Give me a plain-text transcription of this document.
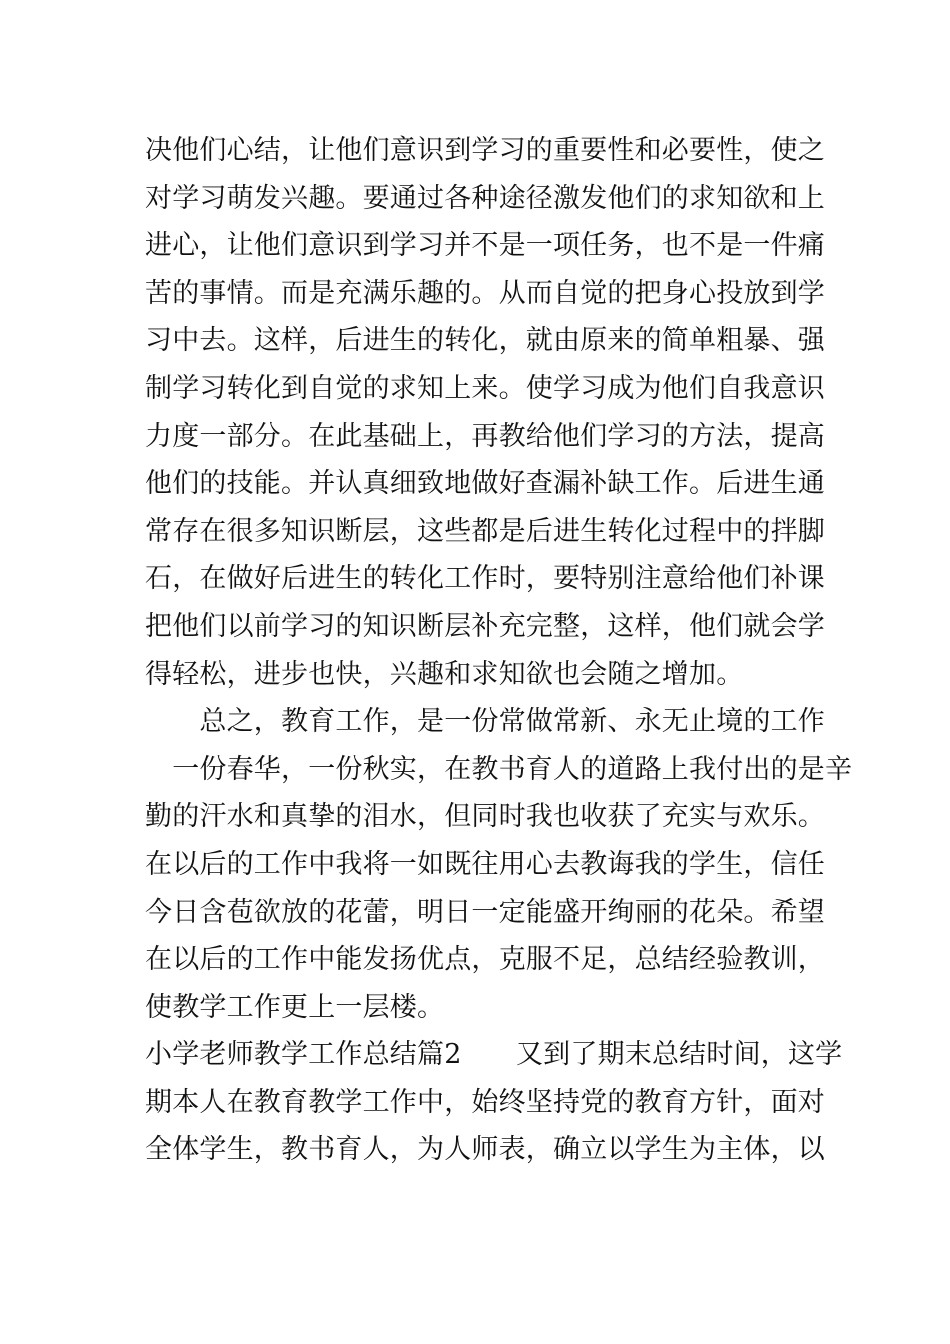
决他们心结，让他们意识到学习的重要性和必要性，使之
对学习萌发兴趣。要通过各种途径激发他们的求知欲和上
进心，让他们意识到学习并不是一项任务，也不是一件痛
苦的事情。而是充满乐趣的。从而自觉的把身心投放到学
习中去。这样，后进生的转化，就由原来的简单粗暴、强
制学习转化到自觉的求知上来。使学习成为他们自我意识
力度一部分。在此基础上，再教给他们学习的方法，提高
他们的技能。并认真细致地做好查漏补缺工作。后进生通
常存在很多知识断层，这些都是后进生转化过程中的拌脚
石，在做好后进生的转化工作时，要特别注意给他们补课
把他们以前学习的知识断层补充完整，这样，他们就会学
得轻松，进步也快，兴趣和求知欲也会随之增加。
　　总之，教育工作，是一份常做常新、永无止境的工作
　一份春华，一份秋实，在教书育人的道路上我付出的是辛
勤的汗水和真挚的泪水，但同时我也收获了充实与欢乐。
在以后的工作中我将一如既往用心去教诲我的学生，信任
今日含苞欲放的花蕾，明日一定能盛开绚丽的花朵。希望
在以后的工作中能发扬优点，克服不足，总结经验教训，
使教学工作更上一层楼。
小学老师教学工作总结篇2　　又到了期末总结时间，这学
期本人在教育教学工作中，始终坚持党的教育方针，面对
全体学生，教书育人，为人师表，确立以学生为主体，以
